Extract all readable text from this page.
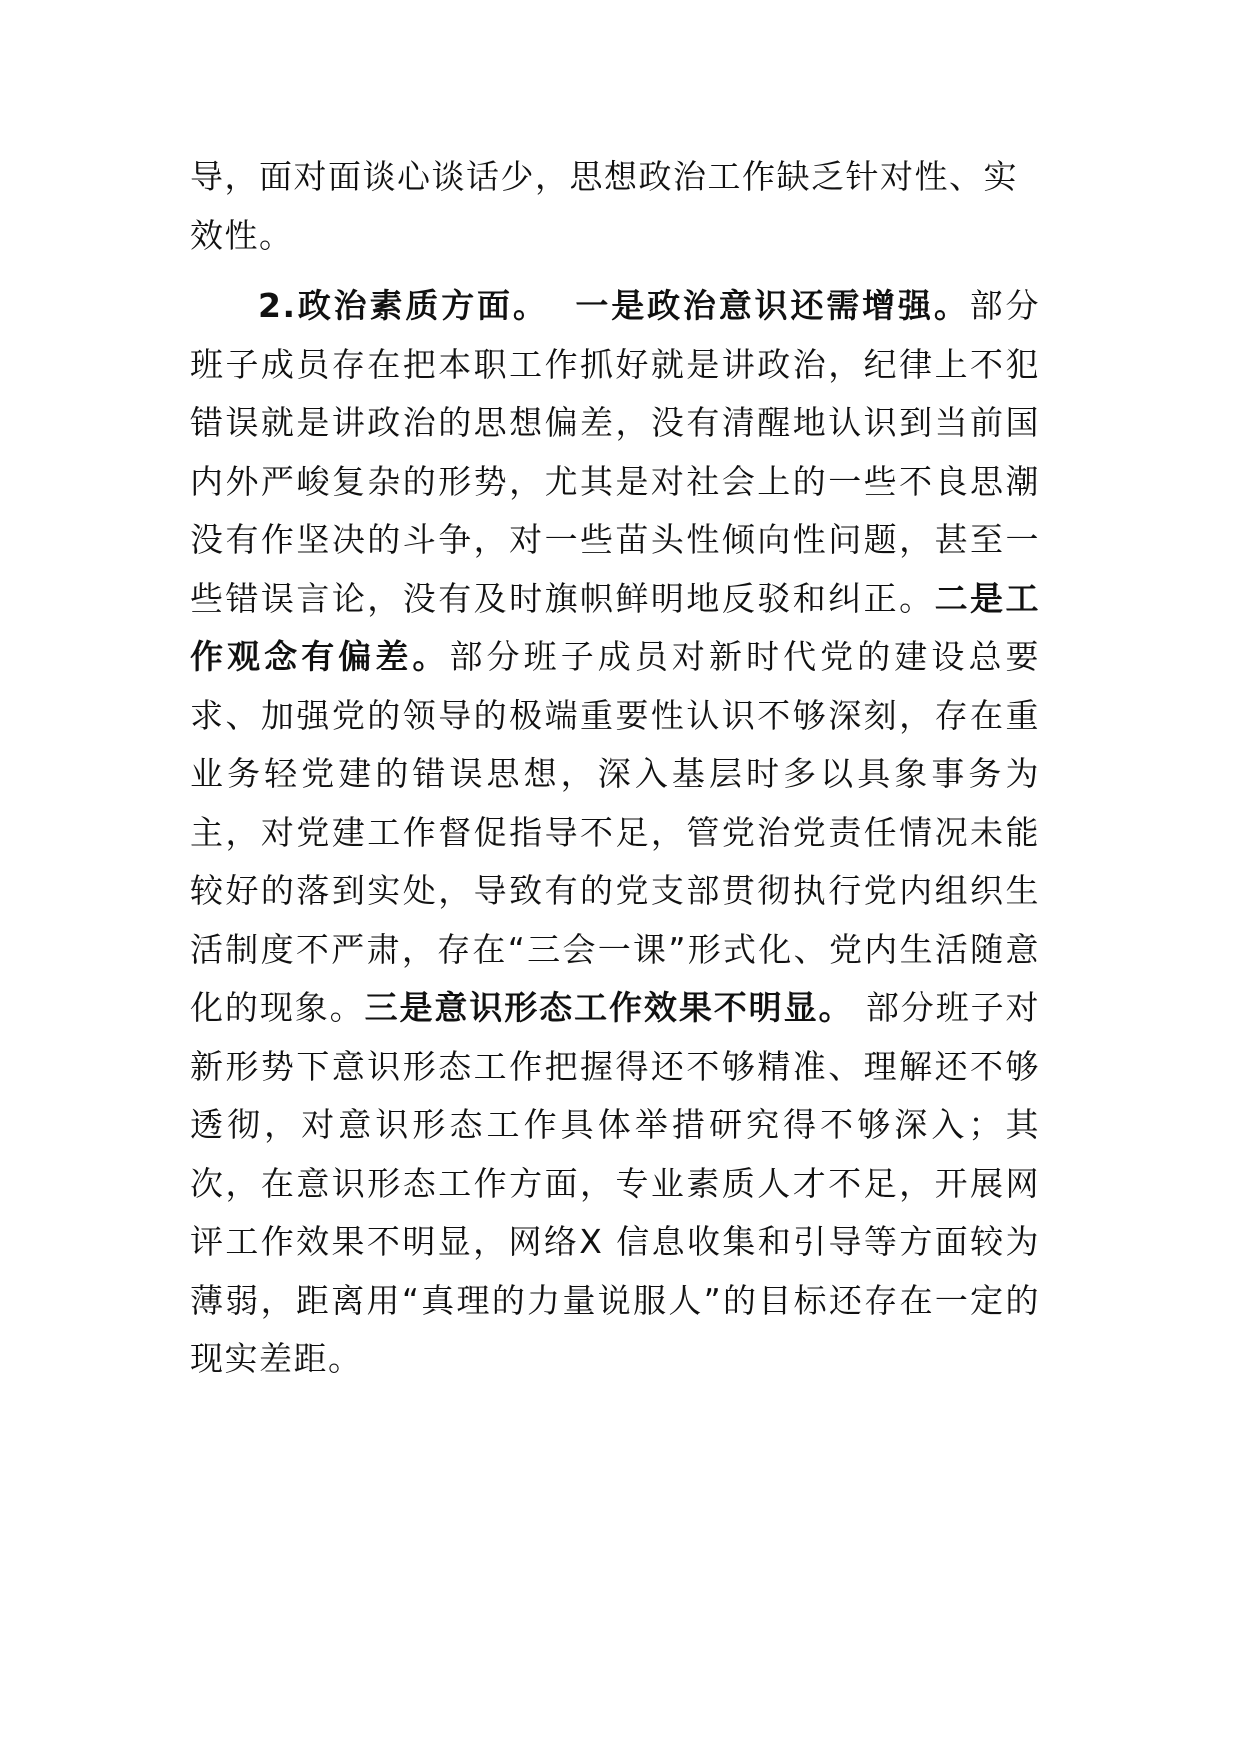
导，面对面谈心谈话少，思想政治工作缺乏针对性、实
效性。

2.政治素质方面。 一是政治意识还需增强。部分班子成员存在把本职工作抓好就是讲政治，纪律上不犯错误就是讲政治的思想偏差，没有清醒地认识到当前国内外严峻复杂的形势，尤其是对社会上的一些不良思潮没有作坚决的斗争，对一些苗头性倾向性问题，甚至一些错误言论，没有及时旗帜鲜明地反驳和纠正。二是工作观念有偏差。部分班子成员对新时代党的建设总要求、加强党的领导的极端重要性认识不够深刻，存在重业务轻党建的错误思想，深入基层时多以具象事务为主，对党建工作督促指导不足，管党治党责任情况未能较好的落到实处，导致有的党支部贯彻执行党内组织生活制度不严肃，存在“三会一课”形式化、党内生活随意化的现象。三是意识形态工作效果不明显。 部分班子对新形势下意识形态工作把握得还不够精准、理解还不够透彻，对意识形态工作具体举措研究得不够深入；其次，在意识形态工作方面，专业素质人才不足，开展网评工作效果不明显，网络X 信息收集和引导等方面较为薄弱，距离用“真理的力量说服人”的目标还存在一定的现实差距。
